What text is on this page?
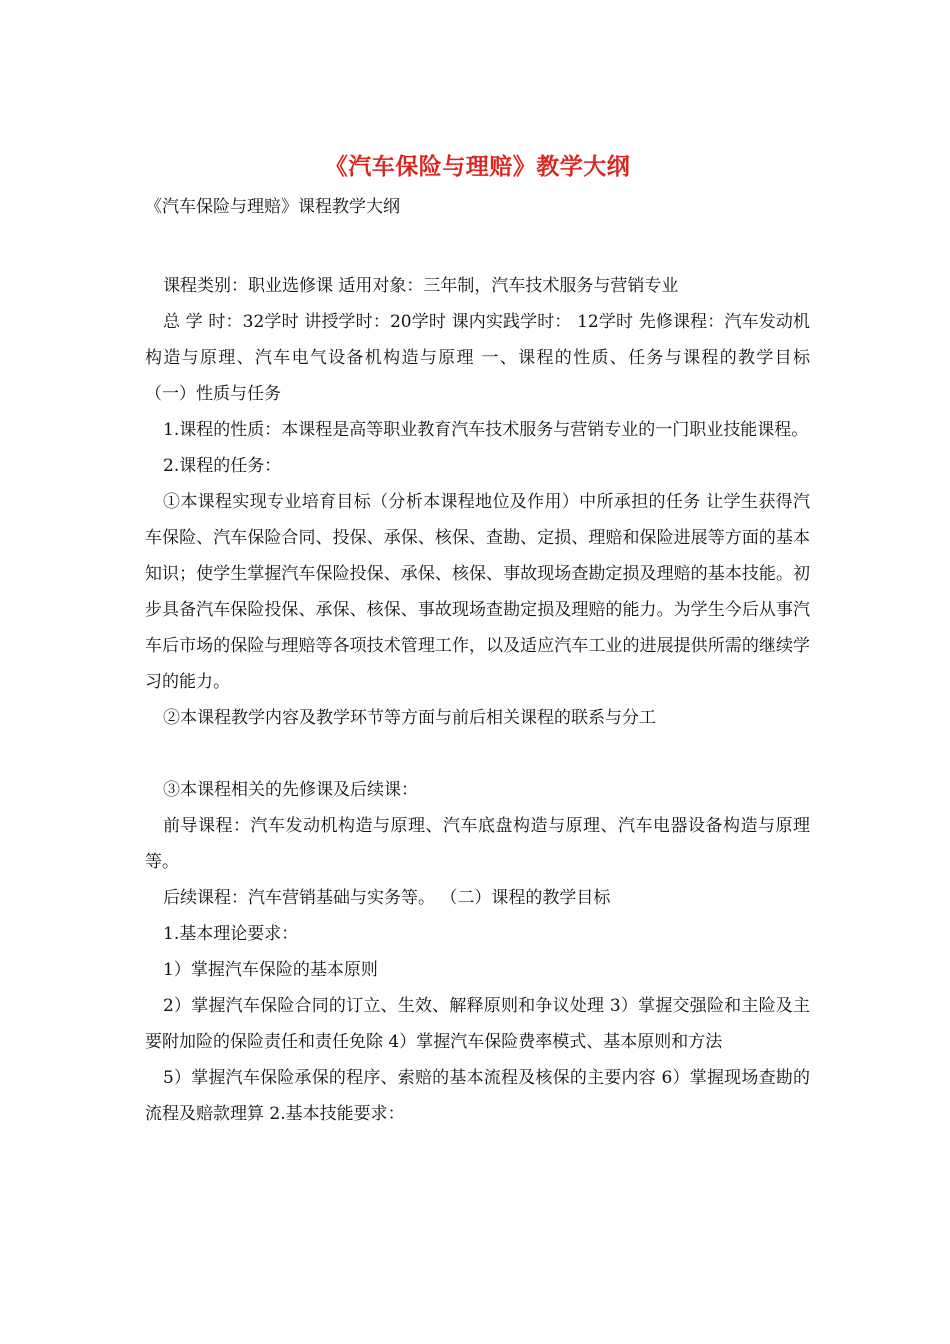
《汽车保险与理赔》教学大纲
《汽车保险与理赔》课程教学大纲

课程类别：职业选修课 适用对象：三年制，汽车技术服务与营销专业

总 学 时：32学时 讲授学时：20学时 课内实践学时： 12学时 先修课程：汽车发动机构造与原理、汽车电气设备机构造与原理 一、课程的性质、任务与课程的教学目标 （一）性质与任务

1.课程的性质：本课程是高等职业教育汽车技术服务与营销专业的一门职业技能课程。

2.课程的任务：

①本课程实现专业培育目标（分析本课程地位及作用）中所承担的任务 让学生获得汽车保险、汽车保险合同、投保、承保、核保、查勘、定损、理赔和保险进展等方面的基本知识；使学生掌握汽车保险投保、承保、核保、事故现场查勘定损及理赔的基本技能。初步具备汽车保险投保、承保、核保、事故现场查勘定损及理赔的能力。为学生今后从事汽车后市场的保险与理赔等各项技术管理工作，以及适应汽车工业的进展提供所需的继续学习的能力。

②本课程教学内容及教学环节等方面与前后相关课程的联系与分工

③本课程相关的先修课及后续课：

前导课程：汽车发动机构造与原理、汽车底盘构造与原理、汽车电器设备构造与原理等。

后续课程：汽车营销基础与实务等。 （二）课程的教学目标

1.基本理论要求：

1）掌握汽车保险的基本原则

2）掌握汽车保险合同的订立、生效、解释原则和争议处理 3）掌握交强险和主险及主要附加险的保险责任和责任免除 4）掌握汽车保险费率模式、基本原则和方法

5）掌握汽车保险承保的程序、索赔的基本流程及核保的主要内容 6）掌握现场查勘的流程及赔款理算 2.基本技能要求：
